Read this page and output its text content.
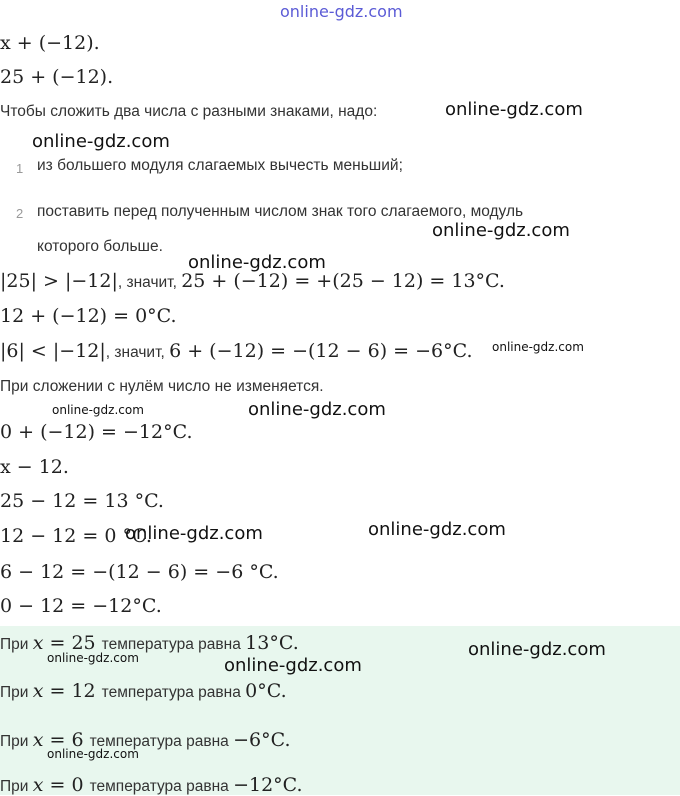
online-gdz.com
x + (−12).
25 + (−12).
Чтобы сложить два числа с разными знаками, надо:
1 из большего модуля слагаемых вычесть меньший;
2 поставить перед полученным числом знак того слагаемого, модуль
которого больше.
|25| > |−12|, значит, 25 + (−12) = +(25 − 12) = 13°C.
12 + (−12) = 0°C.
|6| < |−12|, значит, 6 + (−12) = −(12 − 6) = −6°C.
При сложении с нулём число не изменяется.
0 + (−12) = −12°C.
x − 12.
25 − 12 = 13 °C.
12 − 12 = 0 °C.
6 − 12 = −(12 − 6) = −6 °C.
0 − 12 = −12°C.
При x = 25 температура равна 13°C.
При x = 12 температура равна 0°C.
При x = 6 температура равна −6°C.
При x = 0 температура равна −12°C.
online-gdz.com
online-gdz.com
online-gdz.com
online-gdz.com
online-gdz.com
online-gdz.com	online-gdz.com
online-gdz.com	online-gdz.com
online-gdz.com
online-gdz.com	online-gdz.com
online-gdz.com
